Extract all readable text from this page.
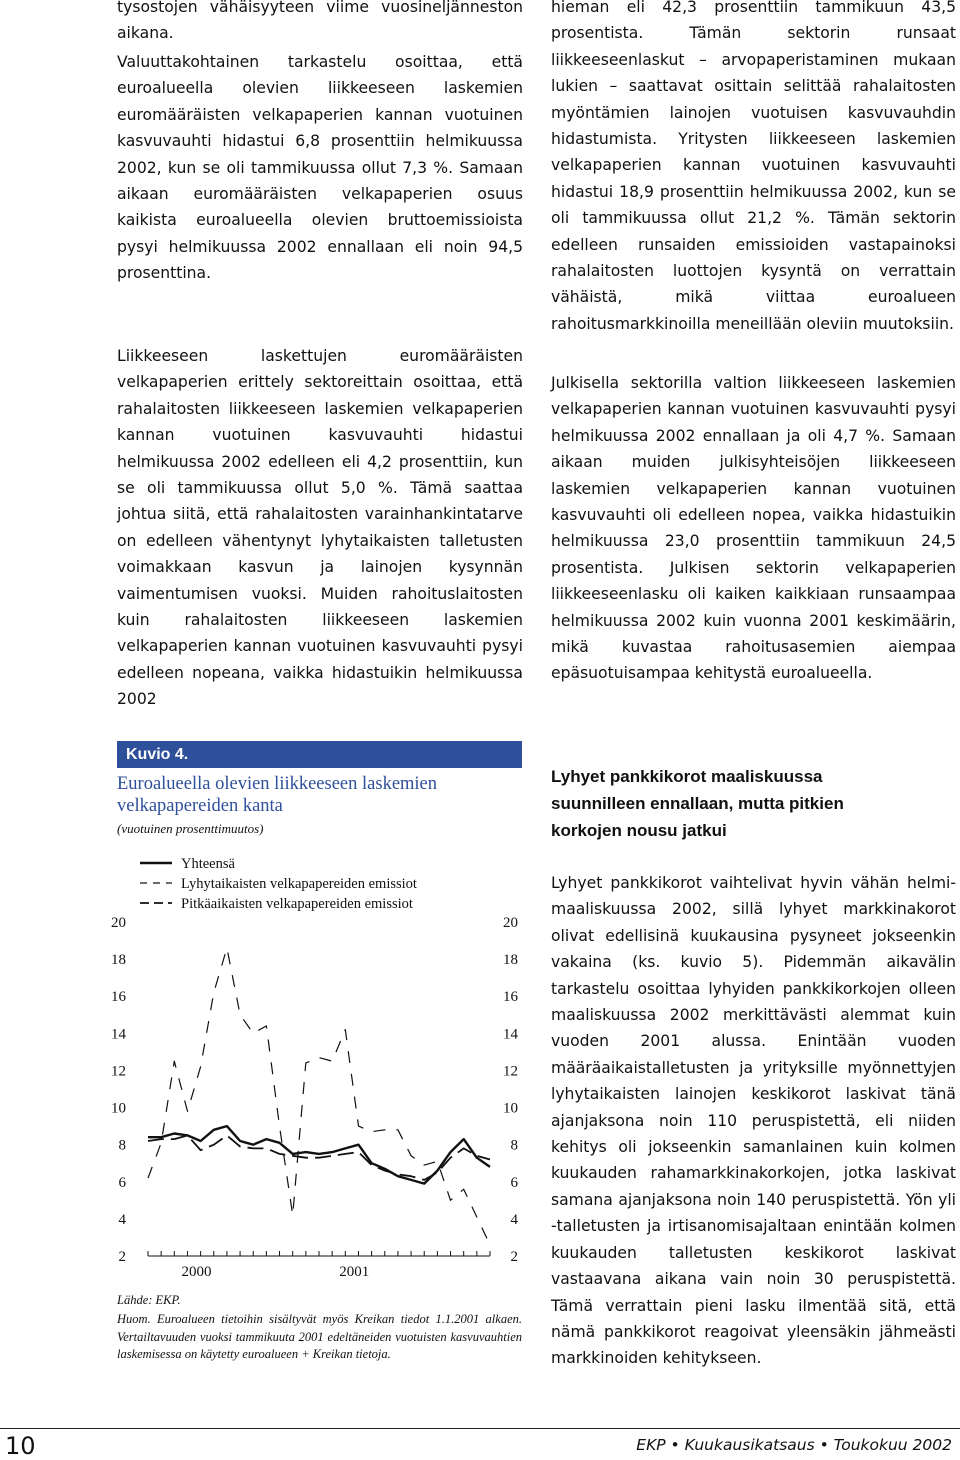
tysostojen vähäisyyteen viime vuosineljänneston aikana.

Valuuttakohtainen tarkastelu osoittaa, että euroalueella olevien liikkeeseen laskemien euromääräisten velkapaperien kannan vuotuinen kasvuvauhti hidastui 6,8 prosenttiin helmikuussa 2002, kun se oli tammikuussa ollut 7,3 %. Samaan aikaan euromääräisten velkapaperien osuus kaikista euroalueella olevien bruttoemissioista pysyi helmikuussa 2002 ennallaan eli noin 94,5 prosenttina.

Liikkeeseen laskettujen euromääräisten velkapaperien erittely sektoreittain osoittaa, että rahalaitosten liikkeeseen laskemien velkapaperien kannan vuotuinen kasvuvauhti hidastui helmikuussa 2002 edelleen eli 4,2 prosenttiin, kun se oli tammikuussa ollut 5,0 %. Tämä saattaa johtua siitä, että rahalaitosten varainhankintatarve on edelleen vähentynyt lyhytaikaisten talletusten voimakkaan kasvun ja lainojen kysynnän vaimentumisen vuoksi. Muiden rahoituslaitosten kuin rahalaitosten liikkeeseen laskemien velkapaperien kannan vuotuinen kasvuvauhti pysyi edelleen nopeana, vaikka hidastuikin helmikuussa 2002

hieman eli 42,3 prosenttiin tammikuun 43,5 prosentista. Tämän sektorin runsaat liikkeeseenlaskut – arvopaperistaminen mukaan lukien – saattavat osittain selittää rahalaitosten myöntämien lainojen vuotuisen kasvuvauhdin hidastumista. Yritysten liikkeeseen laskemien velkapaperien kannan vuotuinen kasvuvauhti hidastui 18,9 prosenttiin helmikuussa 2002, kun se oli tammikuussa ollut 21,2 %. Tämän sektorin edelleen runsaiden emissioiden vastapainoksi rahalaitosten luottojen kysyntä on verrattain vähäistä, mikä viittaa euroalueen rahoitusmarkkinoilla meneillään oleviin muutoksiin.

Julkisella sektorilla valtion liikkeeseen laskemien velkapaperien kannan vuotuinen kasvuvauhti pysyi helmikuussa 2002 ennallaan ja oli 4,7 %. Samaan aikaan muiden julkisyhteisöjen liikkeeseen laskemien velkapaperien kannan vuotuinen kasvuvauhti oli edelleen nopea, vaikka hidastuikin helmikuussa 23,0 prosenttiin tammikuun 24,5 prosentista. Julkisen sektorin velkapaperien liikkeeseenlasku oli kaiken kaikkiaan runsaampaa helmikuussa 2002 kuin vuonna 2001 keskimäärin, mikä kuvastaa rahoitusasemien aiempaa epäsuotuisampaa kehitystä euroalueella.

Kuvio 4.
Euroalueella olevien liikkeeseen laskemien velkapapereiden kanta

(vuotuinen prosenttimuutos)

Yhteensä
Lyhytaikaisten velkapapereiden emissiot
Pitkäaikaisten velkapapereiden emissiot
2	2
4	4
6	6
8	8
10	10
12	12
14	14
16	16
18	18
20	20
2000	2001

Lähde: EKP.

Huom. Euroalueen tietoihin sisältyvät myös Kreikan tiedot 1.1.2001 alkaen. Vertailtavuuden vuoksi tammikuuta 2001 edeltäneiden vuotuisten kasvuvauhtien laskemisessa on käytetty euroalueen + Kreikan tietoja.

Lyhyet pankkikorot maaliskuussa suunnilleen ennallaan, mutta pitkien korkojen nousu jatkui

Lyhyet pankkikorot vaihtelivat hyvin vähän helmi-maaliskuussa 2002, sillä lyhyet markkinakorot olivat edellisinä kuukausina pysyneet jokseenkin vakaina (ks. kuvio 5). Pidemmän aikavälin tarkastelu osoittaa lyhyiden pankkikorkojen olleen maaliskuussa 2002 merkittävästi alemmat kuin vuoden 2001 alussa. Enintään vuoden määräaikaistalletusten ja yrityksille myönnettyjen lyhytaikaisten lainojen keskikorot laskivat tänä ajanjaksona noin 110 peruspistettä, eli niiden kehitys oli jokseenkin samanlainen kuin kolmen kuukauden rahamarkkinakorkojen, jotka laskivat samana ajanjaksona noin 140 peruspistettä. Yön yli -talletusten ja irtisanomisajaltaan enintään kolmen kuukauden talletusten keskikorot laskivat vastaavana aikana vain noin 30 peruspistettä. Tämä verrattain pieni lasku ilmentää sitä, että nämä pankkikorot reagoivat yleensäkin jähmeästi markkinoiden kehitykseen.

10	EKP • Kuukausikatsaus • Toukokuu 2002
